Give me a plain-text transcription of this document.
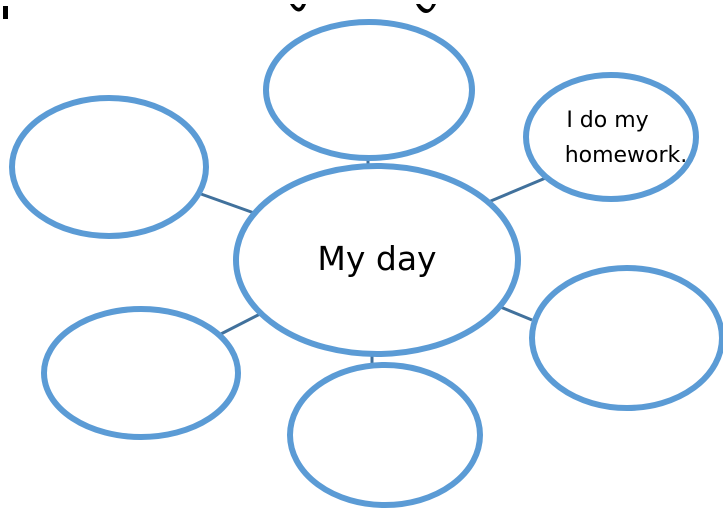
My day
I do my homework.
